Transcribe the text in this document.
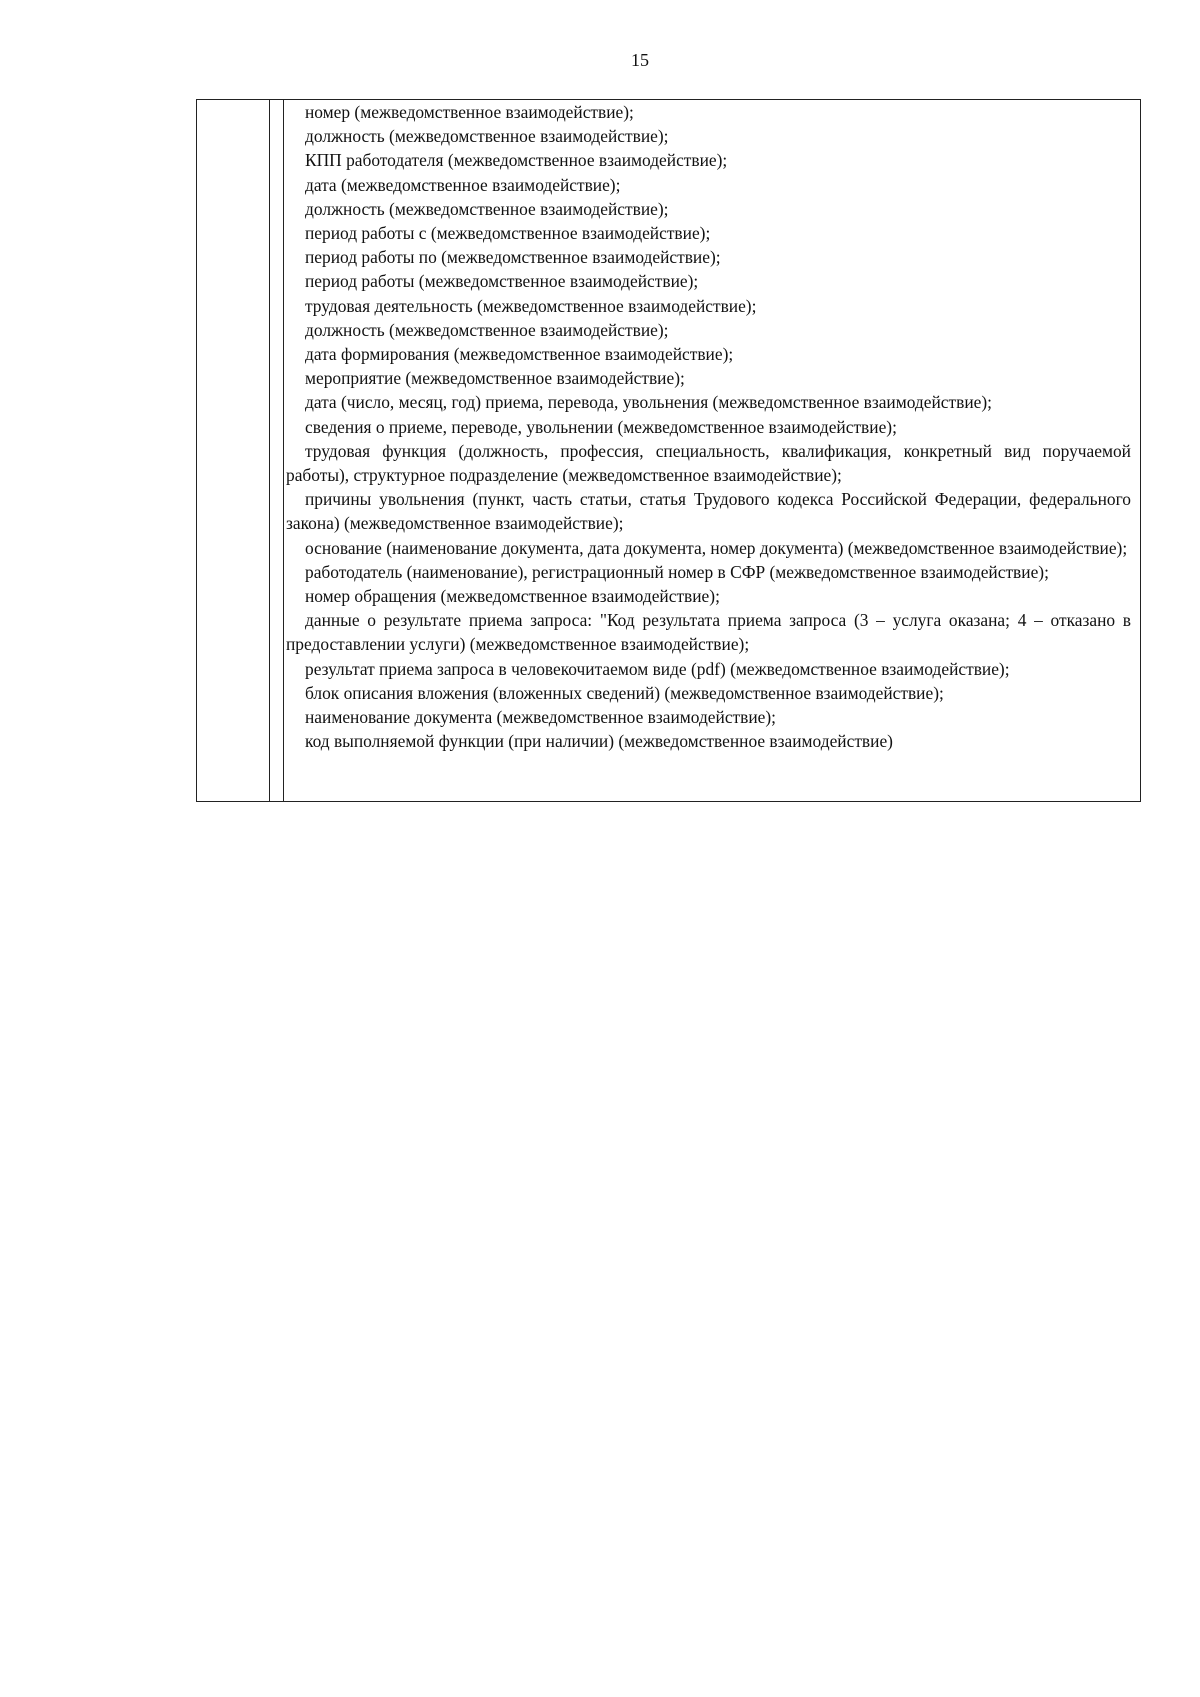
15

номер (межведомственное взаимодействие);

должность (межведомственное взаимодействие);

КПП работодателя (межведомственное взаимодействие);

дата (межведомственное взаимодействие);

должность (межведомственное взаимодействие);

период работы с (межведомственное взаимодействие);

период работы по (межведомственное взаимодействие);

период работы (межведомственное взаимодействие);

трудовая деятельность (межведомственное взаимодействие);

должность (межведомственное взаимодействие);

дата формирования (межведомственное взаимодействие);

мероприятие (межведомственное взаимодействие);

дата (число, месяц, год) приема, перевода, увольнения (межведомственное взаимодействие);

сведения о приеме, переводе, увольнении (межведомственное взаимодействие);

трудовая функция (должность, профессия, специальность, квалификация, конкретный вид поручаемой работы), структурное подразделение (межведомственное взаимодействие);

причины увольнения (пункт, часть статьи, статья Трудового кодекса Российской Федерации, федерального закона) (межведомственное взаимодействие);

основание (наименование документа, дата документа, номер документа) (межведомственное взаимодействие);

работодатель (наименование), регистрационный номер в СФР (межведомственное взаимодействие);

номер обращения (межведомственное взаимодействие);

данные о результате приема запроса: "Код результата приема запроса (3 – услуга оказана; 4 – отказано в предоставлении услуги) (межведомственное взаимодействие);

результат приема запроса в человекочитаемом виде (pdf) (межведомственное взаимодействие);

блок описания вложения (вложенных сведений) (межведомственное взаимодействие);

наименование документа (межведомственное взаимодействие);

код выполняемой функции (при наличии) (межведомственное взаимодействие)
